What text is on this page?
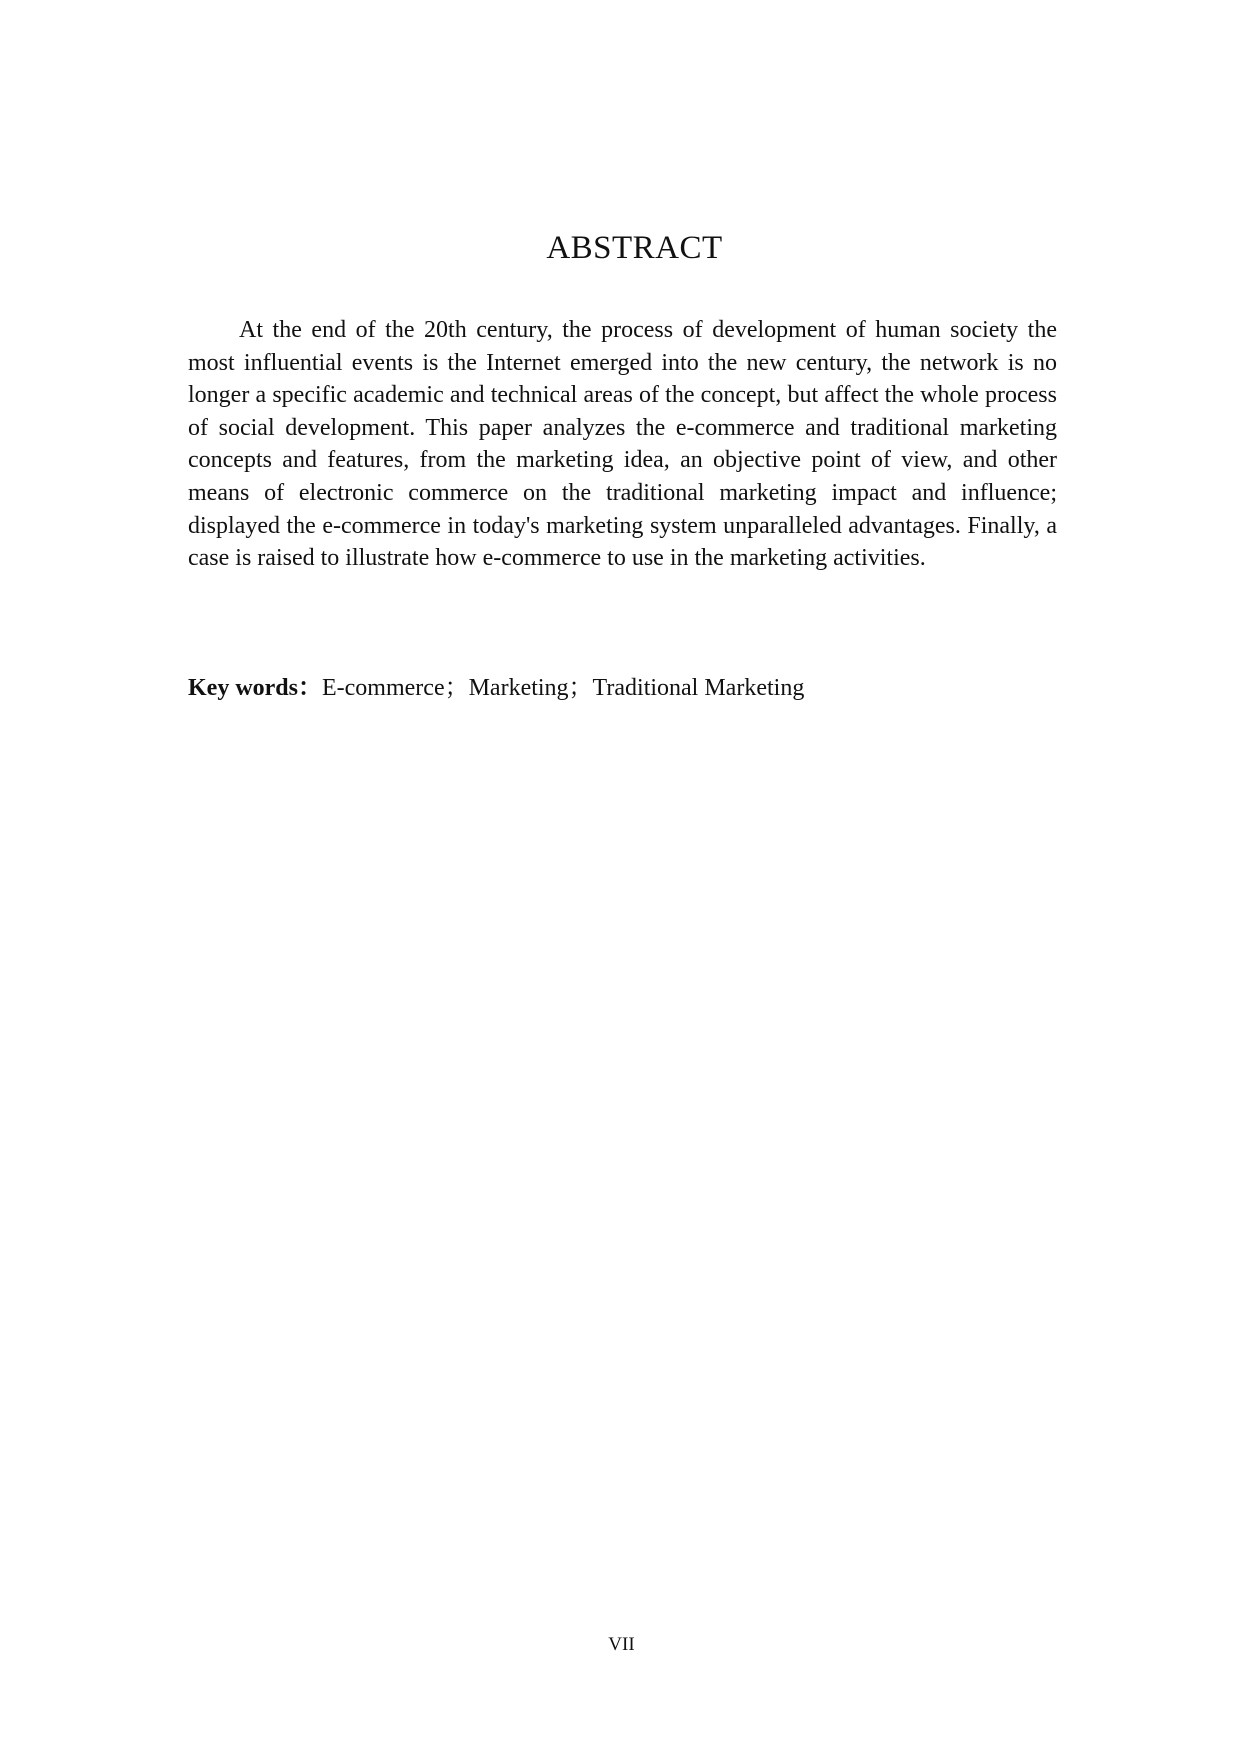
ABSTRACT

At the end of the 20th century, the process of development of human society the most influential events is the Internet emerged into the new century, the network is no longer a specific academic and technical areas of the concept, but affect the whole process of social development. This paper analyzes the e-commerce and traditional marketing concepts and features, from the marketing idea, an objective point of view, and other means of electronic commerce on the traditional marketing impact and influence; displayed the e-commerce in today's marketing system unparalleled advantages. Finally, a case is raised to illustrate how e-commerce to use in the marketing activities.

Key words：E-commerce；Marketing；Traditional Marketing

VII
